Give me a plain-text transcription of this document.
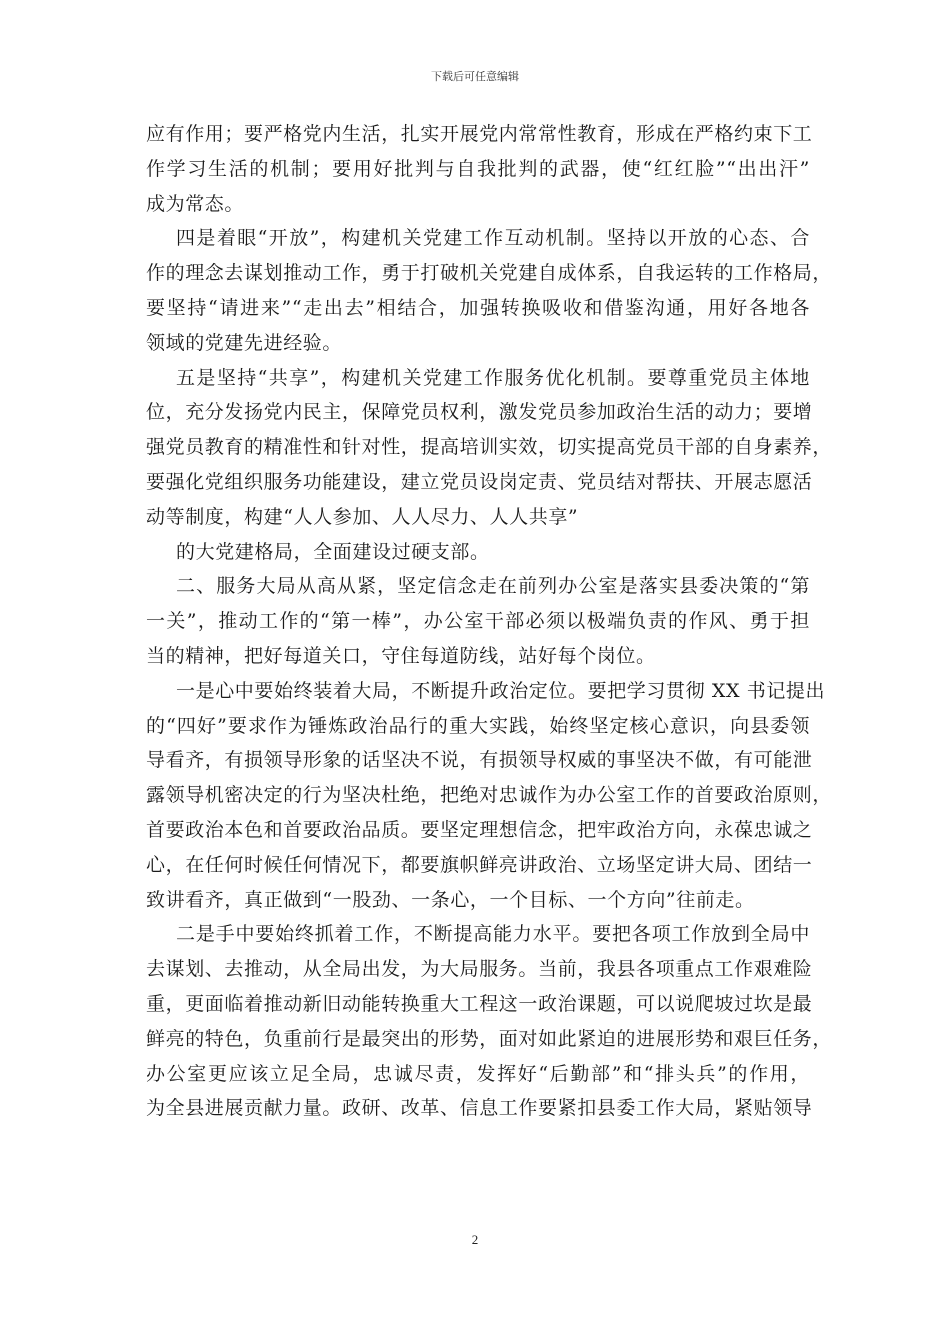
下载后可任意编辑
应有作用；要严格党内生活，扎实开展党内常常性教育，形成在严格约束下工
作学习生活的机制；要用好批判与自我批判的武器，使“红红脸”“出出汗”
成为常态。
四是着眼“开放”，构建机关党建工作互动机制。坚持以开放的心态、合
作的理念去谋划推动工作，勇于打破机关党建自成体系，自我运转的工作格局，
要坚持“请进来”“走出去”相结合，加强转换吸收和借鉴沟通，用好各地各
领域的党建先进经验。
五是坚持“共享”，构建机关党建工作服务优化机制。要尊重党员主体地
位，充分发扬党内民主，保障党员权利，激发党员参加政治生活的动力；要增
强党员教育的精准性和针对性，提高培训实效，切实提高党员干部的自身素养，
要强化党组织服务功能建设，建立党员设岗定责、党员结对帮扶、开展志愿活
动等制度，构建“人人参加、人人尽力、人人共享”
的大党建格局，全面建设过硬支部。
二、服务大局从高从紧，坚定信念走在前列办公室是落实县委决策的“第
一关”，推动工作的“第一棒”，办公室干部必须以极端负责的作风、勇于担
当的精神，把好每道关口，守住每道防线，站好每个岗位。
一是心中要始终装着大局，不断提升政治定位。要把学习贯彻 XX 书记提出
的“四好”要求作为锤炼政治品行的重大实践，始终坚定核心意识，向县委领
导看齐，有损领导形象的话坚决不说，有损领导权威的事坚决不做，有可能泄
露领导机密决定的行为坚决杜绝，把绝对忠诚作为办公室工作的首要政治原则，
首要政治本色和首要政治品质。要坚定理想信念，把牢政治方向，永葆忠诚之
心，在任何时候任何情况下，都要旗帜鲜亮讲政治、立场坚定讲大局、团结一
致讲看齐，真正做到“一股劲、一条心，一个目标、一个方向”往前走。
二是手中要始终抓着工作，不断提高能力水平。要把各项工作放到全局中
去谋划、去推动，从全局出发，为大局服务。当前，我县各项重点工作艰难险
重，更面临着推动新旧动能转换重大工程这一政治课题，可以说爬坡过坎是最
鲜亮的特色，负重前行是最突出的形势，面对如此紧迫的进展形势和艰巨任务，
办公室更应该立足全局，忠诚尽责，发挥好“后勤部”和“排头兵”的作用，
为全县进展贡献力量。政研、改革、信息工作要紧扣县委工作大局，紧贴领导
2
